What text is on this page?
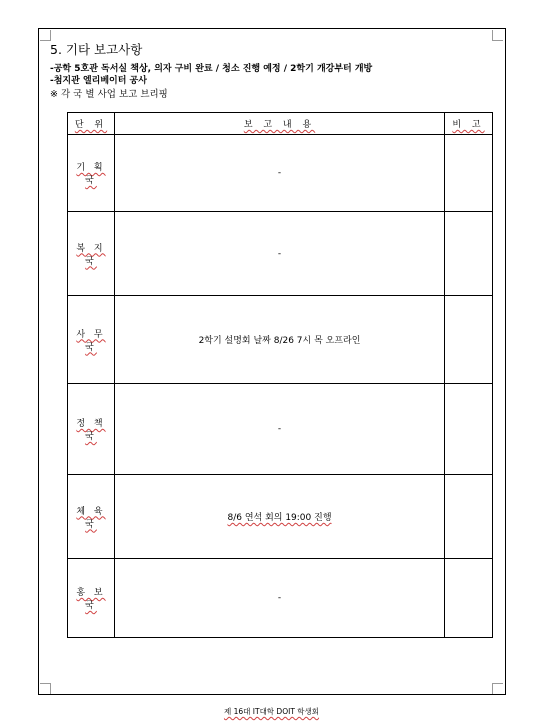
5. 기타 보고사항
-공학 5호관 독서실 책상, 의자 구비 완료 / 청소 진행 예정 / 2학기 개강부터 개방
-첨지관 엘리베이터 공사
※ 각 국 별 사업 보고 브리핑
단 위	보 고 내 용	비 고
기 획 국	-	
복 지 국	-	
사 무 국	2학기 설명회 날짜 8/26 7시 목 오프라인	
정 책 국	-	
체 육 국	8/6 연석 회의 19:00 진행	
홍 보 국	-	
제 16대 IT대학 DOIT 학생회
